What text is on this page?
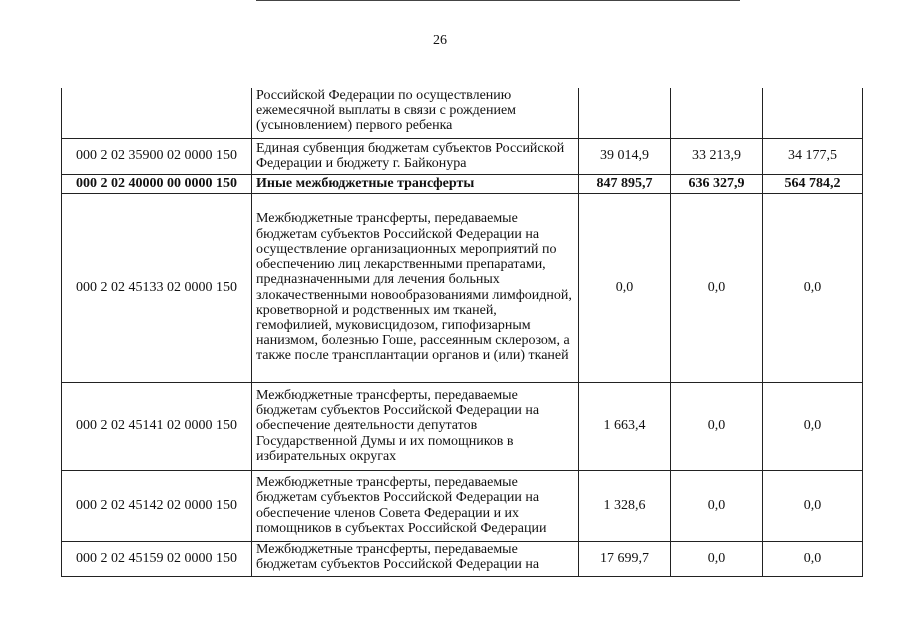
26
	Российской Федерации по осуществлению ежемесячной выплаты в связи с рождением (усыновлением) первого ребенка			
000 2 02 35900 02 0000 150	Единая субвенция бюджетам субъектов Российской Федерации и бюджету г. Байконура	39 014,9	33 213,9	34 177,5
000 2 02 40000 00 0000 150	Иные межбюджетные трансферты	847 895,7	636 327,9	564 784,2
000 2 02 45133 02 0000 150	Межбюджетные трансферты, передаваемые бюджетам субъектов Российской Федерации на осуществление организационных мероприятий по обеспечению лиц лекарственными препаратами, предназначенными для лечения больных злокачественными новообразованиями лимфоидной, кроветворной и родственных им тканей, гемофилией, муковисцидозом, гипофизарным нанизмом, болезнью Гоше, рассеянным склерозом, а также после трансплантации органов и (или) тканей	0,0	0,0	0,0
000 2 02 45141 02 0000 150	Межбюджетные трансферты, передаваемые бюджетам субъектов Российской Федерации на обеспечение деятельности депутатов Государственной Думы и их помощников в избирательных округах	1 663,4	0,0	0,0
000 2 02 45142 02 0000 150	Межбюджетные трансферты, передаваемые бюджетам субъектов Российской Федерации на обеспечение членов Совета Федерации и их помощников в субъектах Российской Федерации	1 328,6	0,0	0,0
000 2 02 45159 02 0000 150	Межбюджетные трансферты, передаваемые бюджетам субъектов Российской Федерации на	17 699,7	0,0	0,0
